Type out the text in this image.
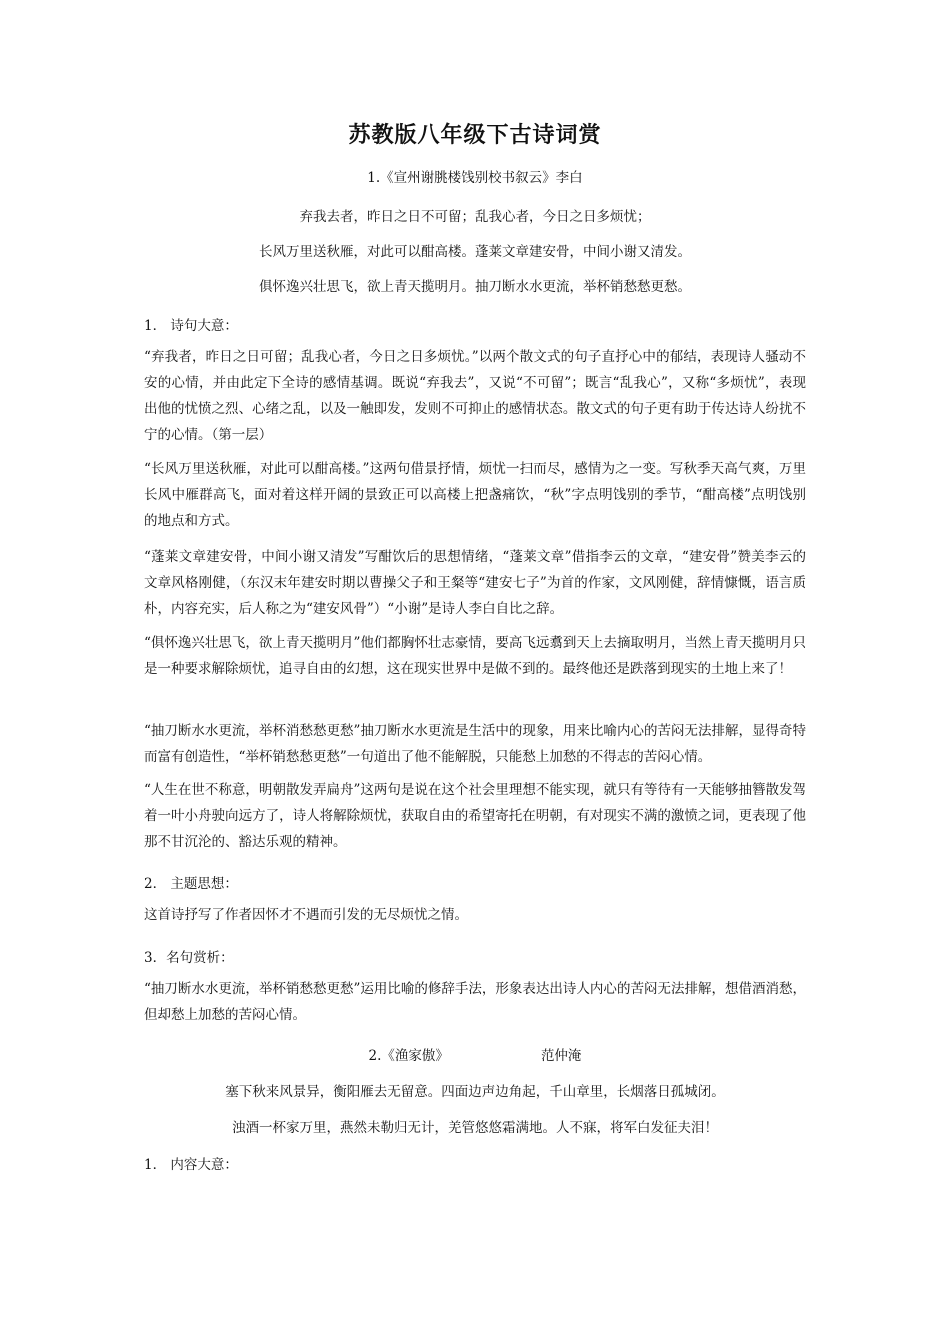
苏教版八年级下古诗词赏
1.《宣州谢朓楼饯别校书叙云》李白
弃我去者，昨日之日不可留；乱我心者，今日之日多烦忧；
长风万里送秋雁，对此可以酣高楼。蓬莱文章建安骨，中间小谢又清发。
俱怀逸兴壮思飞，欲上青天揽明月。抽刀断水水更流，举杯销愁愁更愁。
1． 诗句大意：
“弃我者，昨日之日可留；乱我心者，今日之日多烦忧。”以两个散文式的句子直抒心中的郁结，表现诗人骚动不安的心情，并由此定下全诗的感情基调。既说“弃我去”，又说“不可留”；既言“乱我心”，又称“多烦忧”，表现出他的忧愤之烈、心绪之乱，以及一触即发，发则不可抑止的感情状态。散文式的句子更有助于传达诗人纷扰不宁的心情。（第一层）
“长风万里送秋雁，对此可以酣高楼。”这两句借景抒情，烦忧一扫而尽，感情为之一变。写秋季天高气爽，万里长风中雁群高飞，面对着这样开阔的景致正可以高楼上把盏痛饮，“秋”字点明饯别的季节，“酣高楼”点明饯别的地点和方式。
“蓬莱文章建安骨，中间小谢又清发”写酣饮后的思想情绪，“蓬莱文章”借指李云的文章，“建安骨”赞美李云的文章风格刚健，（东汉末年建安时期以曹操父子和王粲等“建安七子”为首的作家，文风刚健，辞情慷慨，语言质朴，内容充实，后人称之为“建安风骨”）“小谢”是诗人李白自比之辞。
“俱怀逸兴壮思飞，欲上青天揽明月”他们都胸怀壮志豪情，要高飞远翥到天上去摘取明月，当然上青天揽明月只是一种要求解除烦忧，追寻自由的幻想，这在现实世界中是做不到的。最终他还是跌落到现实的土地上来了！
“抽刀断水水更流，举杯消愁愁更愁”抽刀断水水更流是生活中的现象，用来比喻内心的苦闷无法排解，显得奇特而富有创造性，“举杯销愁愁更愁”一句道出了他不能解脱，只能愁上加愁的不得志的苦闷心情。
“人生在世不称意，明朝散发弄扁舟”这两句是说在这个社会里理想不能实现，就只有等待有一天能够抽簪散发驾着一叶小舟驶向远方了，诗人将解除烦忧，获取自由的希望寄托在明朝，有对现实不满的激愤之词，更表现了他那不甘沉沦的、豁达乐观的精神。
2． 主题思想：
这首诗抒写了作者因怀才不遇而引发的无尽烦忧之情。
3．名句赏析：
“抽刀断水水更流，举杯销愁愁更愁”运用比喻的修辞手法，形象表达出诗人内心的苦闷无法排解，想借酒消愁，但却愁上加愁的苦闷心情。
2.《渔家傲》	范仲淹
塞下秋来风景异，衡阳雁去无留意。四面边声边角起，千山章里，长烟落日孤城闭。
浊酒一杯家万里，燕然未勒归无计，羌管悠悠霜满地。人不寐，将军白发征夫泪！
1． 内容大意：
